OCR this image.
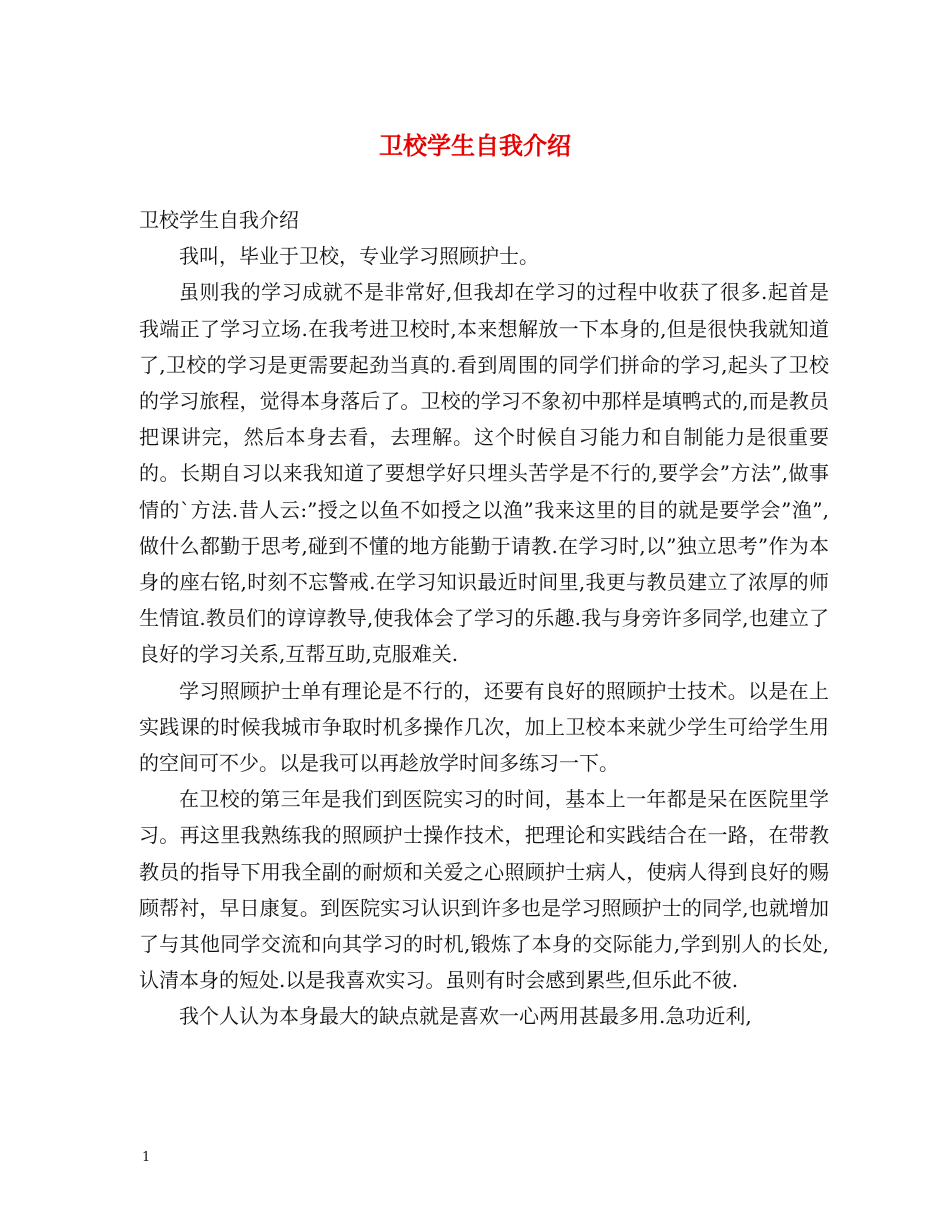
卫校学生自我介绍

卫校学生自我介绍

我叫，毕业于卫校，专业学习照顾护士。

虽则我的学习成就不是非常好,但我却在学习的过程中收获了很多.起首是我端正了学习立场.在我考进卫校时,本来想解放一下本身的,但是很快我就知道了,卫校的学习是更需要起劲当真的.看到周围的同学们拼命的学习,起头了卫校的学习旅程，觉得本身落后了。卫校的学习不象初中那样是填鸭式的,而是教员把课讲完，然后本身去看，去理解。这个时候自习能力和自制能力是很重要的。长期自习以来我知道了要想学好只埋头苦学是不行的,要学会”方法”,做事情的`方法.昔人云:”授之以鱼不如授之以渔”我来这里的目的就是要学会”渔”,做什么都勤于思考,碰到不懂的地方能勤于请教.在学习时,以”独立思考”作为本身的座右铭,时刻不忘警戒.在学习知识最近时间里,我更与教员建立了浓厚的师生情谊.教员们的谆谆教导,使我体会了学习的乐趣.我与身旁许多同学,也建立了良好的学习关系,互帮互助,克服难关.

学习照顾护士单有理论是不行的，还要有良好的照顾护士技术。以是在上实践课的时候我城市争取时机多操作几次，加上卫校本来就少学生可给学生用的空间可不少。以是我可以再趁放学时间多练习一下。

在卫校的第三年是我们到医院实习的时间，基本上一年都是呆在医院里学习。再这里我熟练我的照顾护士操作技术，把理论和实践结合在一路，在带教教员的指导下用我全副的耐烦和关爱之心照顾护士病人，使病人得到良好的赐顾帮衬，早日康复。到医院实习认识到许多也是学习照顾护士的同学,也就增加了与其他同学交流和向其学习的时机,锻炼了本身的交际能力,学到别人的长处,认清本身的短处.以是我喜欢实习。虽则有时会感到累些,但乐此不彼.

我个人认为本身最大的缺点就是喜欢一心两用甚最多用.急功近利,

1
